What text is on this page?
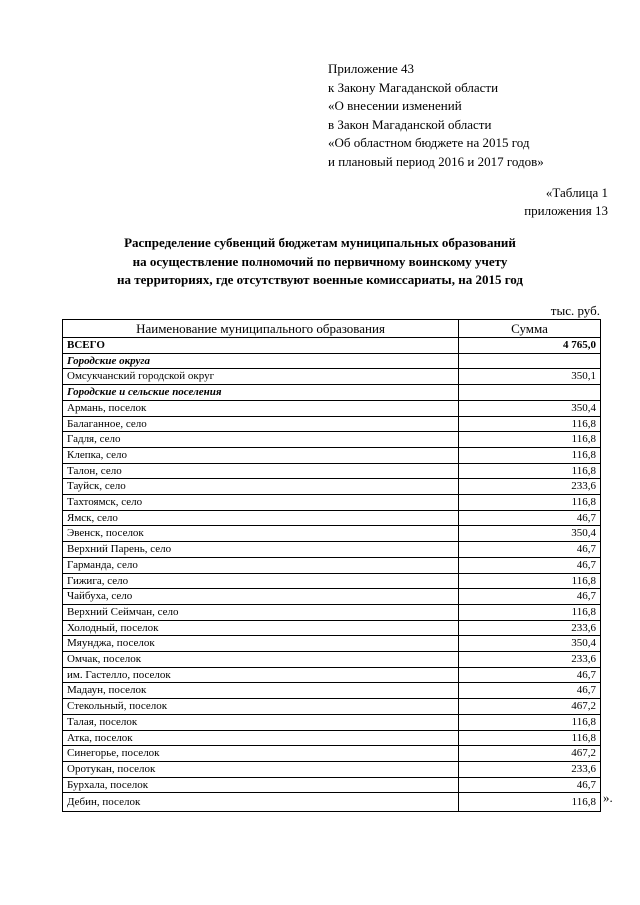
Приложение 43
к Закону Магаданской области
«О внесении изменений
в Закон Магаданской области
«Об областном бюджете на 2015 год
и плановый период 2016 и 2017 годов»
«Таблица 1
приложения 13
Распределение субвенций бюджетам муниципальных образований
на осуществление полномочий по первичному воинскому учету
на территориях, где отсутствуют военные комиссариаты, на 2015 год
тыс. руб.
Наименование муниципального образования	Сумма
ВСЕГО	4 765,0
Городские округа	
Омсукчанский городской округ	350,1
Городские и сельские поселения	
Армань, поселок	350,4
Балаганное, село	116,8
Гадля, село	116,8
Клепка, село	116,8
Талон, село	116,8
Тауйск, село	233,6
Тахтоямск, село	116,8
Ямск, село	46,7
Эвенск, поселок	350,4
Верхний Парень, село	46,7
Гарманда, село	46,7
Гижига, село	116,8
Чайбуха, село	46,7
Верхний Сеймчан, село	116,8
Холодный, поселок	233,6
Мяунджа, поселок	350,4
Омчак, поселок	233,6
им. Гастелло, поселок	46,7
Мадаун, поселок	46,7
Стекольный, поселок	467,2
Талая, поселок	116,8
Атка, поселок	116,8
Синегорье, поселок	467,2
Оротукан, поселок	233,6
Бурхала, поселок	46,7
Дебин, поселок	116,8 ».
